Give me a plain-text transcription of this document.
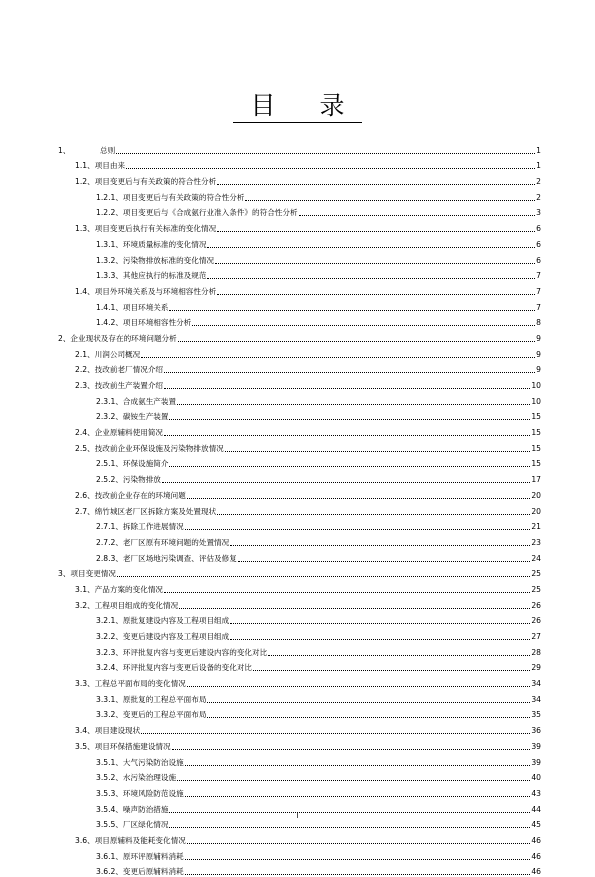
目 录
1、	总则	1
1.1、项目由来	1
1.2、项目变更后与有关政策的符合性分析	2
1.2.1、项目变更后与有关政策的符合性分析	2
1.2.2、项目变更后与《合成氨行业准入条件》的符合性分析	3
1.3、项目变更后执行有关标准的变化情况	6
1.3.1、环境质量标准的变化情况	6
1.3.2、污染物排放标准的变化情况	6
1.3.3、其他应执行的标准及规范	7
1.4、项目外环境关系及与环境相容性分析	7
1.4.1、项目环境关系	7
1.4.2、项目环境相容性分析	8
2、企业现状及存在的环境问题分析	9
2.1、川润公司概况	9
2.2、技改前老厂情况介绍	9
2.3、技改前生产装置介绍	10
2.3.1、合成氨生产装置	10
2.3.2、碳铵生产装置	15
2.4、企业原辅料使用简况	15
2.5、技改前企业环保设施及污染物排放情况	15
2.5.1、环保设施简介	15
2.5.2、污染物排放	17
2.6、技改前企业存在的环境问题	20
2.7、绵竹城区老厂区拆除方案及处置现状	20
2.7.1、拆除工作进展情况	21
2.7.2、老厂区原有环境问题的处置情况	23
2.8.3、老厂区场地污染调查、评估及修复	24
3、项目变更情况	25
3.1、产品方案的变化情况	25
3.2、工程项目组成的变化情况	26
3.2.1、原批复建设内容及工程项目组成	26
3.2.2、变更后建设内容及工程项目组成	27
3.2.3、环评批复内容与变更后建设内容的变化对比	28
3.2.4、环评批复内容与变更后设备的变化对比	29
3.3、工程总平面布局的变化情况	34
3.3.1、原批复的工程总平面布局	34
3.3.2、变更后的工程总平面布局	35
3.4、项目建设现状	36
3.5、项目环保措施建设情况	39
3.5.1、大气污染防治设施	39
3.5.2、水污染治理设施	40
3.5.3、环境风险防范设施	43
3.5.4、噪声防治措施	44
3.5.5、厂区绿化情况	45
3.6、项目原辅料及能耗变化情况	46
3.6.1、原环评原辅料消耗	46
3.6.2、变更后原辅料消耗	46
I
